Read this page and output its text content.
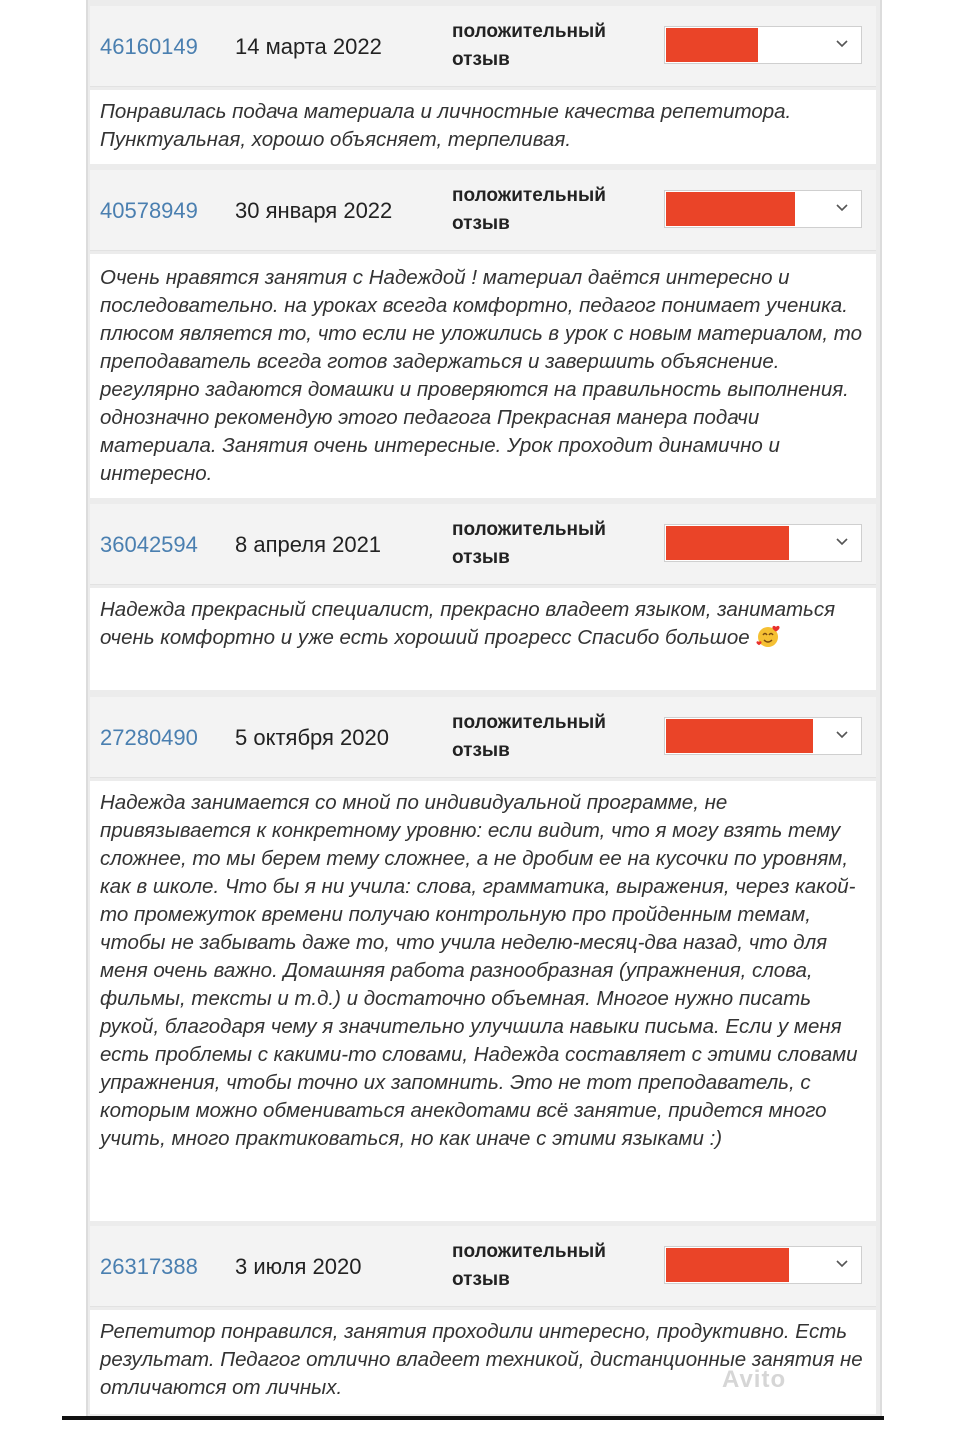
46160149 14 марта 2022
положительный
отзыв
Понравилась подача материала и личностные качества репетитора. Пунктуальная, хорошо объясняет, терпеливая.
40578949 30 января 2022
положительный
отзыв
Очень нравятся занятия с Надеждой ! материал даётся интересно и последовательно. на уроках всегда комфортно, педагог понимает ученика. плюсом является то, что если не уложились в урок с новым материалом, то преподаватель всегда готов задержаться и завершить объяснение. регулярно задаются домашки и проверяются на правильность выполнения. однозначно рекомендую этого педагога Прекрасная манера подачи материала. Занятия очень интересные. Урок проходит динамично и интересно.
36042594 8 апреля 2021
положительный
отзыв
Надежда прекрасный специалист, прекрасно владеет языком, заниматься очень комфортно и уже есть хороший прогресс Спасибо большое
27280490 5 октября 2020
положительный
отзыв
Надежда занимается со мной по индивидуальной программе, не привязывается к конкретному уровню: если видит, что я могу взять тему сложнее, то мы берем тему сложнее, а не дробим ее на кусочки по уровням, как в школе. Что бы я ни учила: слова, грамматика, выражения, через какой-то промежуток времени получаю контрольную про пройденным темам, чтобы не забывать даже то, что учила неделю-месяц-два назад, что для меня очень важно. Домашняя работа разнообразная (упражнения, слова, фильмы, тексты и т.д.) и достаточно объемная. Многое нужно писать рукой, благодаря чему я значительно улучшила навыки письма. Если у меня есть проблемы с какими-то словами, Надежда составляет с этими словами упражнения, чтобы точно их запомнить. Это не тот преподаватель, с которым можно обмениваться анекдотами всё занятие, придется много учить, много практиковаться, но как иначе с этими языками :)
26317388 3 июля 2020
положительный
отзыв
Репетитор понравился, занятия проходили интересно, продуктивно. Есть результат. Педагог отлично владеет техникой, дистанционные занятия не отличаются от личных.	Avito
